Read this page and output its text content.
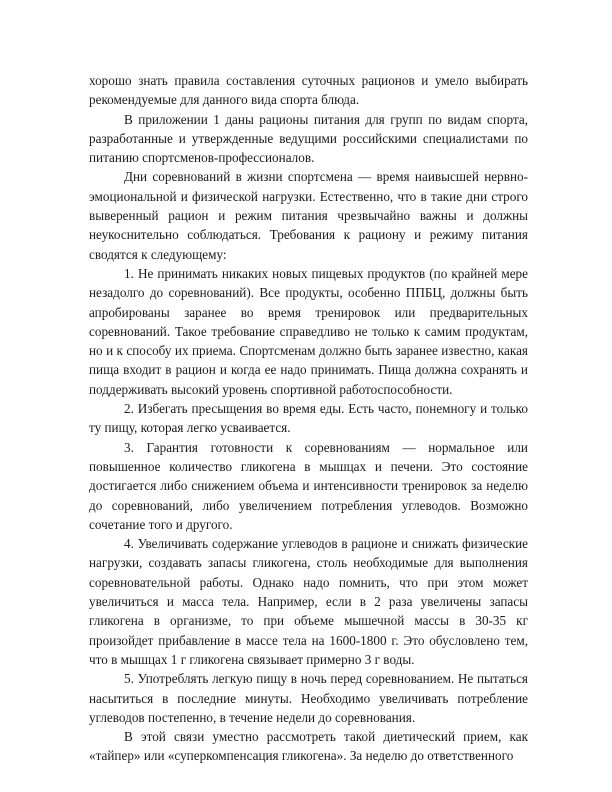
хорошо знать правила составления суточных рационов и умело выбирать рекомендуемые для данного вида спорта блюда.

В приложении 1 даны рационы питания для групп по видам спорта, разработанные и утвержденные ведущими российскими специалистами по питанию спортсменов-профессионалов.

Дни соревнований в жизни спортсмена — время наивысшей нервно-эмоциональной и физической нагрузки. Естественно, что в такие дни строго выверенный рацион и режим питания чрезвычайно важны и должны неукоснительно соблюдаться. Требования к рациону и режиму питания сводятся к следующему:

1. Не принимать никаких новых пищевых продуктов (по крайней мере незадолго до соревнований). Все продукты, особенно ППБЦ, должны быть апробированы заранее во время тренировок или предварительных соревнований. Такое требование справедливо не только к самим продуктам, но и к способу их приема. Спортсменам должно быть заранее известно, какая пища входит в рацион и когда ее надо принимать. Пища должна сохранять и поддерживать высокий уровень спортивной работоспособности.

2. Избегать пресыщения во время еды. Есть часто, понемногу и только ту пищу, которая легко усваивается.

3. Гарантия готовности к соревнованиям — нормальное или повышенное количество гликогена в мышцах и печени. Это состояние достигается либо снижением объема и интенсивности тренировок за неделю до соревнований, либо увеличением потребления углеводов. Возможно сочетание того и другого.

4. Увеличивать содержание углеводов в рационе и снижать физические нагрузки, создавать запасы гликогена, столь необходимые для выполнения соревновательной работы. Однако надо помнить, что при этом может увеличиться и масса тела. Например, если в 2 раза увеличены запасы гликогена в организме, то при объеме мышечной массы в 30-35 кг произойдет прибавление в массе тела на 1600-1800 г. Это обусловлено тем, что в мышцах 1 г гликогена связывает примерно 3 г воды.

5. Употреблять легкую пищу в ночь перед соревнованием. Не пытаться насытиться в последние минуты. Необходимо увеличивать потребление углеводов постепенно, в течение недели до соревнования.

В этой связи уместно рассмотреть такой диетический прием, как «тайпер» или «суперкомпенсация гликогена». За неделю до ответственного
